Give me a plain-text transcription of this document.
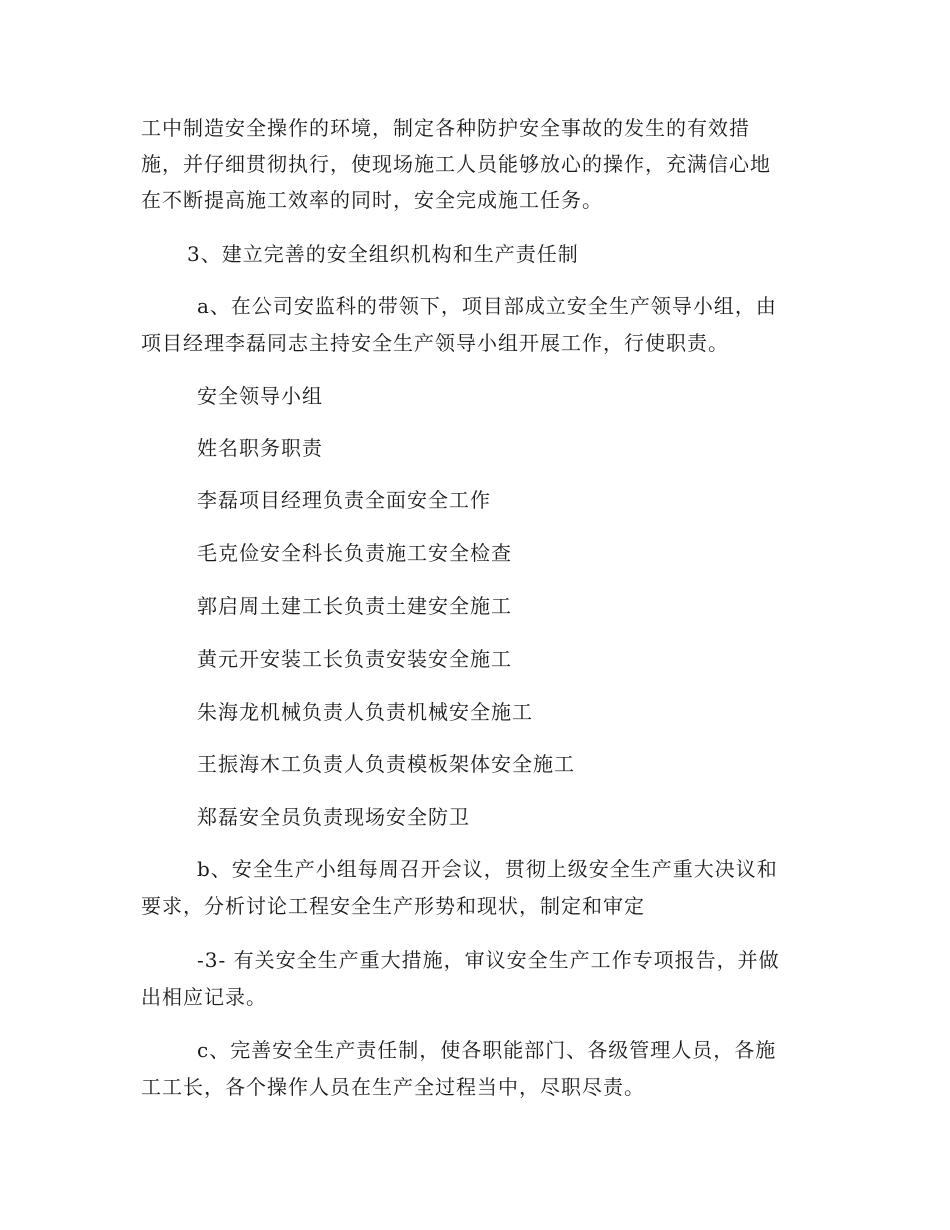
工中制造安全操作的环境，制定各种防护安全事故的发生的有效措
施，并仔细贯彻执行，使现场施工人员能够放心的操作，充满信心地
在不断提高施工效率的同时，安全完成施工任务。
3、建立完善的安全组织机构和生产责任制
a、在公司安监科的带领下，项目部成立安全生产领导小组，由
项目经理李磊同志主持安全生产领导小组开展工作，行使职责。
安全领导小组
姓名职务职责
李磊项目经理负责全面安全工作
毛克俭安全科长负责施工安全检查
郭启周土建工长负责土建安全施工
黄元开安装工长负责安装安全施工
朱海龙机械负责人负责机械安全施工
王振海木工负责人负责模板架体安全施工
郑磊安全员负责现场安全防卫
b、安全生产小组每周召开会议，贯彻上级安全生产重大决议和
要求，分析讨论工程安全生产形势和现状，制定和审定
-3- 有关安全生产重大措施，审议安全生产工作专项报告，并做
出相应记录。
c、完善安全生产责任制，使各职能部门、各级管理人员，各施
工工长，各个操作人员在生产全过程当中，尽职尽责。
